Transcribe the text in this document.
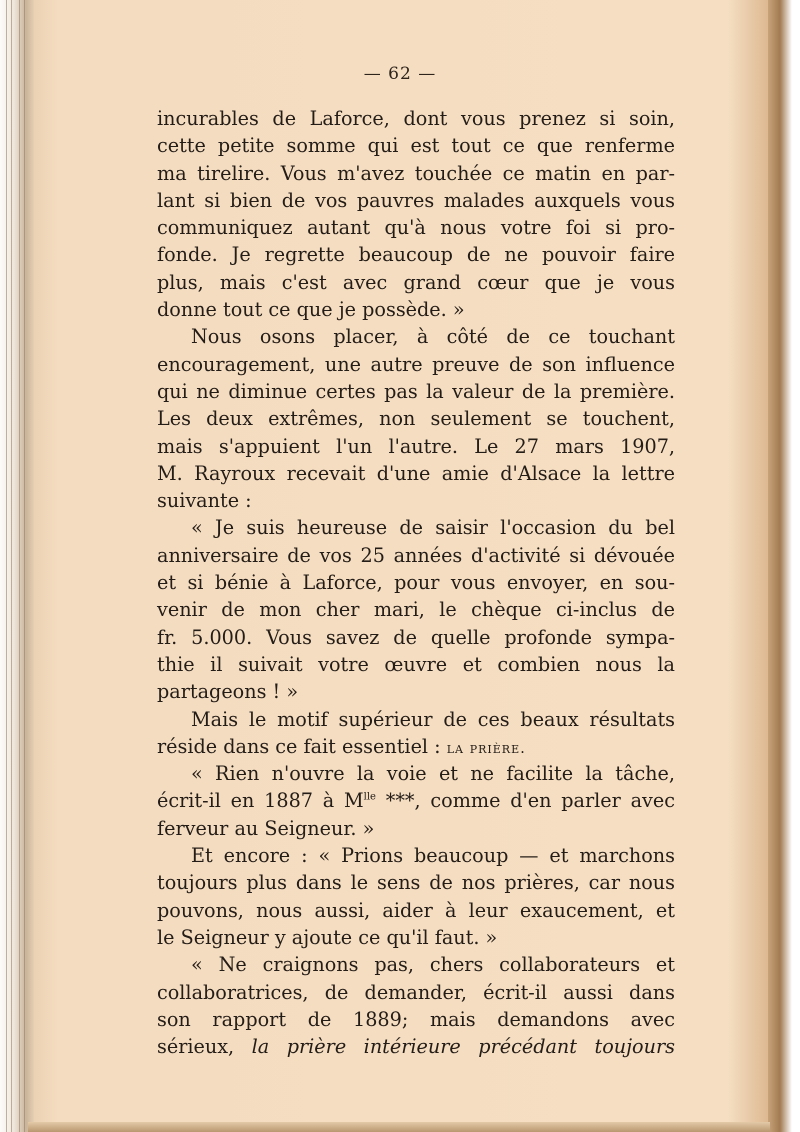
— 62 —
incurables de Laforce, dont vous prenez si soin,
cette petite somme qui est tout ce que renferme
ma tirelire. Vous m'avez touchée ce matin en par-
lant si bien de vos pauvres malades auxquels vous
communiquez autant qu'à nous votre foi si pro-
fonde. Je regrette beaucoup de ne pouvoir faire
plus, mais c'est avec grand cœur que je vous
donne tout ce que je possède. »
Nous osons placer, à côté de ce touchant
encouragement, une autre preuve de son influence
qui ne diminue certes pas la valeur de la première.
Les deux extrêmes, non seulement se touchent,
mais s'appuient l'un l'autre. Le 27 mars 1907,
M. Rayroux recevait d'une amie d'Alsace la lettre
suivante :
« Je suis heureuse de saisir l'occasion du bel
anniversaire de vos 25 années d'activité si dévouée
et si bénie à Laforce, pour vous envoyer, en sou-
venir de mon cher mari, le chèque ci-inclus de
fr. 5.000. Vous savez de quelle profonde sympa-
thie il suivait votre œuvre et combien nous la
partageons ! »
Mais le motif supérieur de ces beaux résultats
réside dans ce fait essentiel : la prière.
« Rien n'ouvre la voie et ne facilite la tâche,
écrit-il en 1887 à $M^{lle}$ ***, comme d'en parler avec
ferveur au Seigneur. »
Et encore : « Prions beaucoup — et marchons
toujours plus dans le sens de nos prières, car nous
pouvons, nous aussi, aider à leur exaucement, et
le Seigneur y ajoute ce qu'il faut. »
« Ne craignons pas, chers collaborateurs et
collaboratrices, de demander, écrit-il aussi dans
son rapport de 1889; mais demandons avec
sérieux, la prière intérieure précédant toujours
